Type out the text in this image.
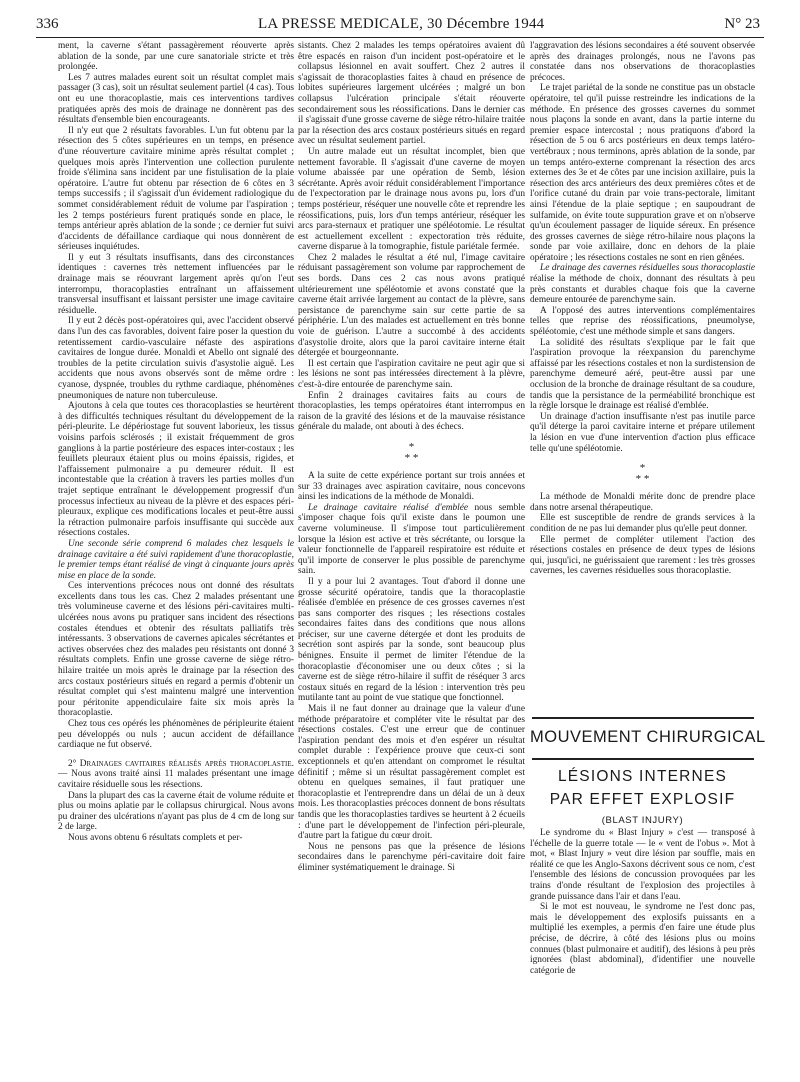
336	LA PRESSE MEDICALE, 30 Décembre 1944	N° 23

ment, la caverne s'étant passagèrement réouverte après ablation de la sonde, par une cure sanatoriale stricte et très prolongée.

Les 7 autres malades eurent soit un résultat complet mais passager (3 cas), soit un résultat seulement partiel (4 cas). Tous ont eu une thoracoplastie, mais ces interventions tardives pratiquées après des mois de drainage ne donnèrent pas des résultats d'ensemble bien encourageants.

Il n'y eut que 2 résultats favorables. L'un fut obtenu par la résection des 5 côtes supérieures en un temps, en présence d'une réouverture cavitaire minime après résultat complet ; quelques mois après l'intervention une collection purulente froide s'élimina sans incident par une fistulisation de la plaie opératoire. L'autre fut obtenu par résection de 6 côtes en 3 temps successifs ; il s'agissait d'un évidement radiologique du sommet considérablement réduit de volume par l'aspiration ; les 2 temps postérieurs furent pratiqués sonde en place, le temps antérieur après ablation de la sonde ; ce dernier fut suivi d'accidents de défaillance cardiaque qui nous donnèrent de sérieuses inquiétudes.

Il y eut 3 résultats insuffisants, dans des circonstances identiques : cavernes très nettement influencées par le drainage mais se réouvrant largement après qu'on l'eut interrompu, thoracoplasties entraînant un affaissement transversal insuffisant et laissant persister une image cavitaire résiduelle.

Il y eut 2 décès post-opératoires qui, avec l'accident observé dans l'un des cas favorables, doivent faire poser la question du retentissement cardio-vasculaire néfaste des aspirations cavitaires de longue durée. Monaldi et Abello ont signalé des troubles de la petite circulation suivis d'asystolie aiguë. Les accidents que nous avons observés sont de même ordre : cyanose, dyspnée, troubles du rythme cardiaque, phénomènes pneumoniques de nature non tuberculeuse.

Ajoutons à cela que toutes ces thoracoplasties se heurtèrent à des difficultés techniques résultant du développement de la péri-pleurite. Le dépériostage fut souvent laborieux, les tissus voisins parfois sclérosés ; il existait fréquemment de gros ganglions à la partie postérieure des espaces inter-costaux ; les feuillets pleuraux étaient plus ou moins épaissis, rigides, et l'affaissement pulmonaire a pu demeurer réduit. Il est incontestable que la création à travers les parties molles d'un trajet septique entraînant le développement progressif d'un processus infectieux au niveau de la plèvre et des espaces péri-pleuraux, explique ces modifications locales et peut-être aussi la rétraction pulmonaire parfois insuffisante qui succède aux résections costales.

Une seconde série comprend 6 malades chez lesquels le drainage cavitaire a été suivi rapidement d'une thoracoplastie, le premier temps étant réalisé de vingt à cinquante jours après mise en place de la sonde.

Ces interventions précoces nous ont donné des résultats excellents dans tous les cas. Chez 2 malades présentant une très volumineuse caverne et des lésions péri-cavitaires multi-ulcérées nous avons pu pratiquer sans incident des résections costales étendues et obtenir des résultats palliatifs très intéressants. 3 observations de cavernes apicales sécrétantes et actives observées chez des malades peu résistants ont donné 3 résultats complets. Enfin une grosse caverne de siège rétro-hilaire traitée un mois après le drainage par la résection des arcs costaux postérieurs situés en regard a permis d'obtenir un résultat complet qui s'est maintenu malgré une intervention pour péritonite appendiculaire faite six mois après la thoracoplastie.

Chez tous ces opérés les phénomènes de péripleurite étaient peu développés ou nuls ; aucun accident de défaillance cardiaque ne fut observé.

2° Drainages cavitaires réalisés après thoracoplastie. — Nous avons traité ainsi 11 malades présentant une image cavitaire résiduelle sous les résections.

Dans la plupart des cas la caverne était de volume réduite et plus ou moins aplatie par le collapsus chirurgical. Nous avons pu drainer des ulcérations n'ayant pas plus de 4 cm de long sur 2 de large.

Nous avons obtenu 6 résultats complets et per-

sistants. Chez 2 malades les temps opératoires avaient dû être espacés en raison d'un incident post-opératoire et le collapsus lésionnel en avait souffert. Chez 2 autres il s'agissait de thoracoplasties faites à chaud en présence de lobites supérieures largement ulcérées ; malgré un bon collapsus l'ulcération principale s'était réouverte secondairement sous les réossifications. Dans le dernier cas il s'agissait d'une grosse caverne de siège rétro-hilaire traitée par la résection des arcs costaux postérieurs situés en regard avec un résultat seulement partiel.

Un autre malade eut un résultat incomplet, bien que nettement favorable. Il s'agissait d'une caverne de moyen volume abaissée par une opération de Semb, lésion sécrétante. Après avoir réduit considérablement l'importance de l'expectoration par le drainage nous avons pu, lors d'un temps postérieur, réséquer une nouvelle côte et reprendre les réossifications, puis, lors d'un temps antérieur, réséquer les arcs para-sternaux et pratiquer une spéléotomie. Le résultat est actuellement excellent : expectoration très réduite, caverne disparue à la tomographie, fistule pariétale fermée.

Chez 2 malades le résultat a été nul, l'image cavitaire réduisant passagèrement son volume par rapprochement de ses bords. Dans ces 2 cas nous avons pratiqué ultérieurement une spéléotomie et avons constaté que la caverne était arrivée largement au contact de la plèvre, sans persistance de parenchyme sain sur cette partie de sa périphérie. L'un des malades est actuellement en très bonne voie de guérison. L'autre a succombé à des accidents d'asystolie droite, alors que la paroi cavitaire interne était détergée et bourgeonnante.

Il est certain que l'aspiration cavitaire ne peut agir que si les lésions ne sont pas intéressées directement à la plèvre, c'est-à-dire entourée de parenchyme sain.

Enfin 2 drainages cavitaires faits au cours de thoracoplasties, les temps opératoires étant interrompus en raison de la gravité des lésions et de la mauvaise résistance générale du malade, ont abouti à des échecs.

*
* *

A la suite de cette expérience portant sur trois années et sur 33 drainages avec aspiration cavitaire, nous concevons ainsi les indications de la méthode de Monaldi.

Le drainage cavitaire réalisé d'emblée nous semble s'imposer chaque fois qu'il existe dans le poumon une caverne volumineuse. Il s'impose tout particulièrement lorsque la lésion est active et très sécrétante, ou lorsque la valeur fonctionnelle de l'appareil respiratoire est réduite et qu'il importe de conserver le plus possible de parenchyme sain.

Il y a pour lui 2 avantages. Tout d'abord il donne une grosse sécurité opératoire, tandis que la thoracoplastie réalisée d'emblée en présence de ces grosses cavernes n'est pas sans comporter des risques ; les résections costales secondaires faites dans des conditions que nous allons préciser, sur une caverne détergée et dont les produits de secrétion sont aspirés par la sonde, sont beaucoup plus bénignes. Ensuite il permet de limiter l'étendue de la thoracoplastie d'économiser une ou deux côtes ; si la caverne est de siège rétro-hilaire il suffit de réséquer 3 arcs costaux situés en regard de la lésion : intervention très peu mutilante tant au point de vue statique que fonctionnel.

Mais il ne faut donner au drainage que la valeur d'une méthode préparatoire et compléter vite le résultat par des résections costales. C'est une erreur que de continuer l'aspiration pendant des mois et d'en espérer un résultat complet durable : l'expérience prouve que ceux-ci sont exceptionnels et qu'en attendant on compromet le résultat définitif ; même si un résultat passagèrement complet est obtenu en quelques semaines, il faut pratiquer une thoracoplastie et l'entreprendre dans un délai de un à deux mois. Les thoracoplasties précoces donnent de bons résultats tandis que les thoracoplasties tardives se heurtent à 2 écueils : d'une part le développement de l'infection péri-pleurale, d'autre part la fatigue du cœur droit.

Nous ne pensons pas que la présence de lésions secondaires dans le parenchyme péri-cavitaire doit faire éliminer systématiquement le drainage. Si

l'aggravation des lésions secondaires a été souvent observée après des drainages prolongés, nous ne l'avons pas constatée dans nos observations de thoracoplasties précoces.

Le trajet pariétal de la sonde ne constitue pas un obstacle opératoire, tel qu'il puisse restreindre les indications de la méthode. En présence des grosses cavernes du sommet nous plaçons la sonde en avant, dans la partie interne du premier espace intercostal ; nous pratiquons d'abord la résection de 5 ou 6 arcs postérieurs en deux temps latéro-vertébraux ; nous terminons, après ablation de la sonde, par un temps antéro-externe comprenant la résection des arcs externes des 3e et 4e côtes par une incision axillaire, puis la résection des arcs antérieurs des deux premières côtes et de l'orifice cutané du drain par voie trans-pectorale, limitant ainsi l'étendue de la plaie septique ; en saupoudrant de sulfamide, on évite toute suppuration grave et on n'observe qu'un écoulement passager de liquide séreux. En présence des grosses cavernes de siège rétro-hilaire nous plaçons la sonde par voie axillaire, donc en dehors de la plaie opératoire ; les résections costales ne sont en rien gênées.

Le drainage des cavernes résiduelles sous thoracoplastie réalise la méthode de choix, donnant des résultats à peu près constants et durables chaque fois que la caverne demeure entourée de parenchyme sain.

A l'opposé des autres interventions complémentaires telles que reprise des réossifications, pneumolyse, spéléotomie, c'est une méthode simple et sans dangers.

La solidité des résultats s'explique par le fait que l'aspiration provoque la réexpansion du parenchyme affaissé par les résections costales et non la surdistension de parenchyme demeuré aéré, peut-être aussi par une occlusion de la bronche de drainage résultant de sa coudure, tandis que la persistance de la perméabilité bronchique est la règle lorsque le drainage est réalisé d'emblée.

Un drainage d'action insuffisante n'est pas inutile parce qu'il déterge la paroi cavitaire interne et prépare utilement la lésion en vue d'une intervention d'action plus efficace telle qu'une spéléotomie.

*
* *

La méthode de Monaldi mérite donc de prendre place dans notre arsenal thérapeutique.

Elle est susceptible de rendre de grands services à la condition de ne pas lui demander plus qu'elle peut donner.

Elle permet de compléter utilement l'action des résections costales en présence de deux types de lésions qui, jusqu'ici, ne guérissaient que rarement : les très grosses cavernes, les cavernes résiduelles sous thoracoplastie.

MOUVEMENT CHIRURGICAL
LÉSIONS INTERNES
PAR EFFET EXPLOSIF
(BLAST INJURY)

Le syndrome du « Blast Injury » c'est — transposé à l'échelle de la guerre totale — le « vent de l'obus ». Mot à mot, « Blast Injury » veut dire lésion par souffle, mais en réalité ce que les Anglo-Saxons décrivent sous ce nom, c'est l'ensemble des lésions de concussion provoquées par les trains d'onde résultant de l'explosion des projectiles à grande puissance dans l'air et dans l'eau.

Si le mot est nouveau, le syndrome ne l'est donc pas, mais le développement des explosifs puissants en a multiplié les exemples, a permis d'en faire une étude plus précise, de décrire, à côté des lésions plus ou moins connues (blast pulmonaire et auditif), des lésions à peu près ignorées (blast abdominal), d'identifier une nouvelle catégorie de
